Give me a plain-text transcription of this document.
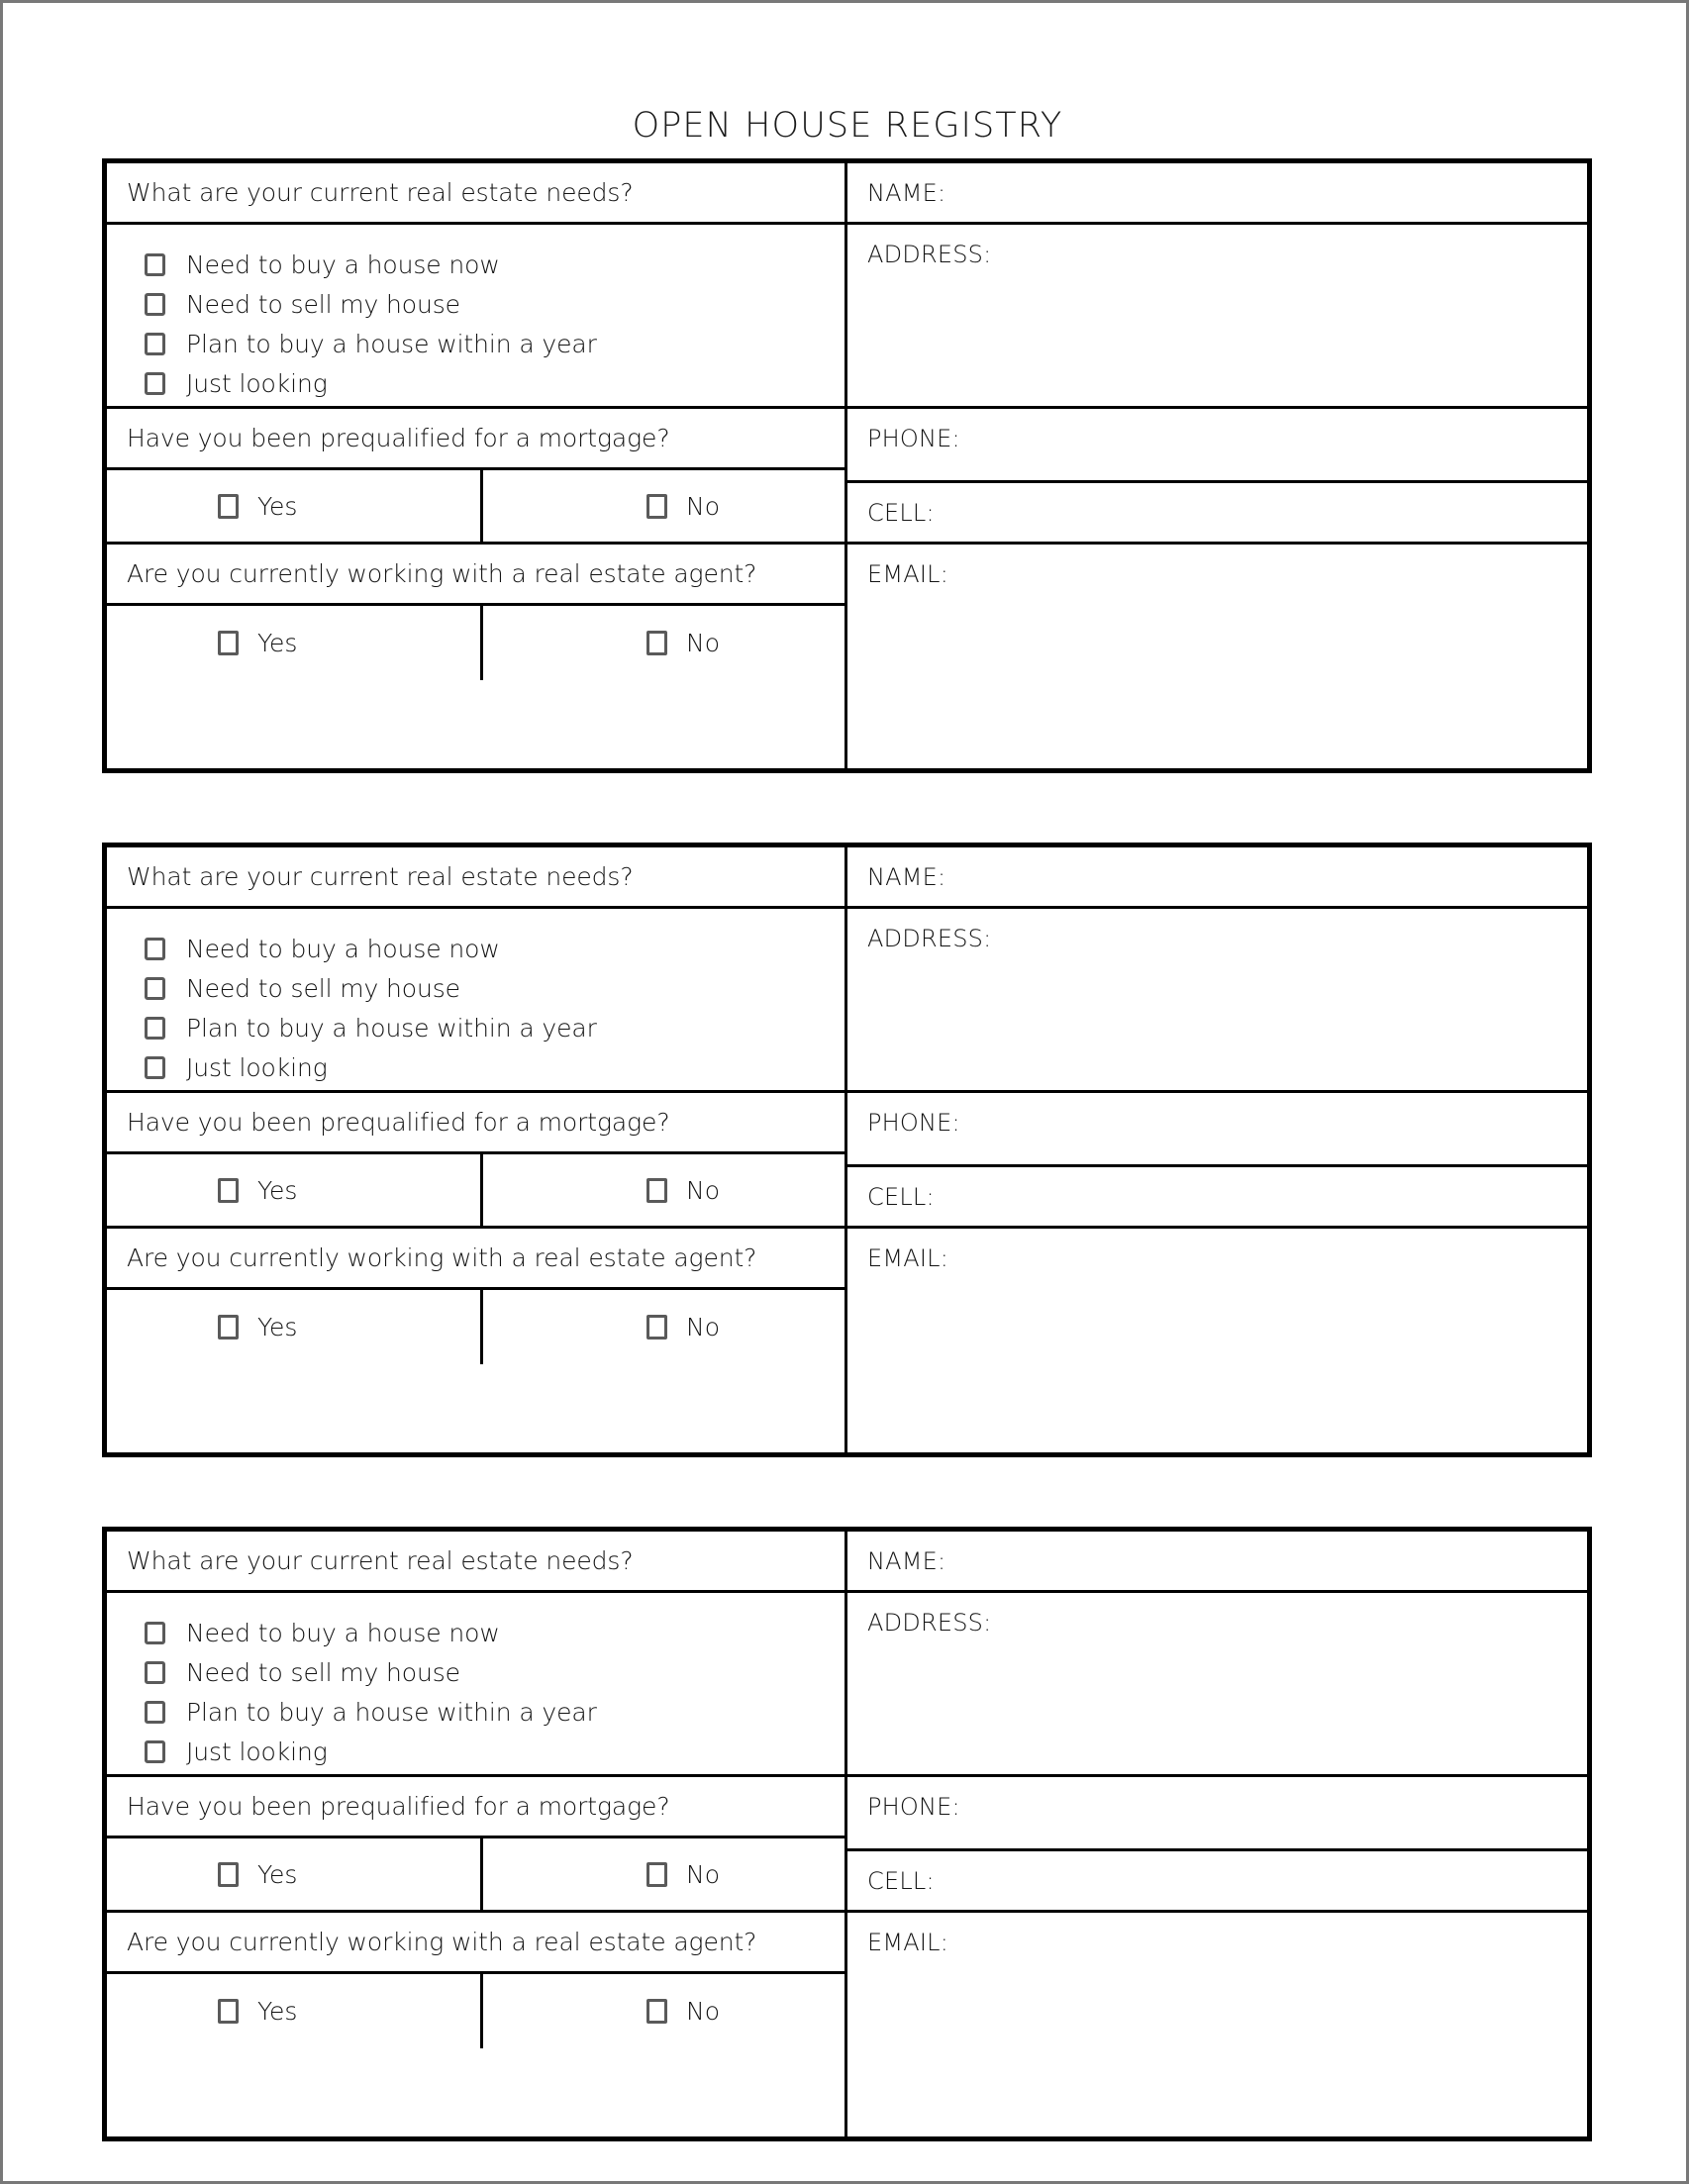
OPEN HOUSE REGISTRY
What are your current real estate needs?
Need to buy a house now
Need to sell my house
Plan to buy a house within a year
Just looking
Have you been prequalified for a mortgage?
Yes	No
Are you currently working with a real estate agent?
Yes	No
NAME:
ADDRESS:
PHONE:
CELL:
EMAIL:
What are your current real estate needs?
Need to buy a house now
Need to sell my house
Plan to buy a house within a year
Just looking
Have you been prequalified for a mortgage?
Yes	No
Are you currently working with a real estate agent?
Yes	No
NAME:
ADDRESS:
PHONE:
CELL:
EMAIL:
What are your current real estate needs?
Need to buy a house now
Need to sell my house
Plan to buy a house within a year
Just looking
Have you been prequalified for a mortgage?
Yes	No
Are you currently working with a real estate agent?
Yes	No
NAME:
ADDRESS:
PHONE:
CELL:
EMAIL:
